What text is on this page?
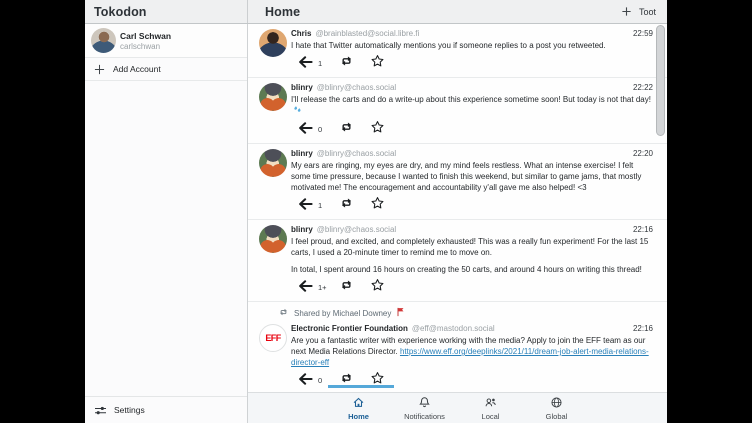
Tokodon	Home	Toot
Carl Schwan
carlschwan
Add Account
Settings
Chris @brainblasted@social.libre.fi	22:59
I hate that Twitter automatically mentions you if someone replies to a post you retweeted.
1
blinry @blinry@chaos.social	22:22
I'll release the carts and do a write-up about this experience sometime soon! But today is not that day!
0
blinry @blinry@chaos.social	22:20
My ears are ringing, my eyes are dry, and my mind feels restless. What an intense exercise! I felt some time pressure, because I wanted to finish this weekend, but similar to game jams, that mostly motivated me! The encouragement and accountability y'all gave me also helped! <3
1
blinry @blinry@chaos.social	22:16
I feel proud, and excited, and completely exhausted! This was a really fun experiment! For the last 15 carts, I used a 20-minute timer to remind me to move on.
In total, I spent around 16 hours on creating the 50 carts, and around 4 hours on writing this thread!
1+
Shared by Michael Downey
EFF
Electronic Frontier Foundation @eff@mastodon.social	22:16
Are you a fantastic writer with experience working with the media? Apply to join the EFF team as our next Media Relations Director. https://www.eff.org/deeplinks/2021/11/dream-job-alert-media-relations-director-eff
0
Home	Notifications	Local	Global
